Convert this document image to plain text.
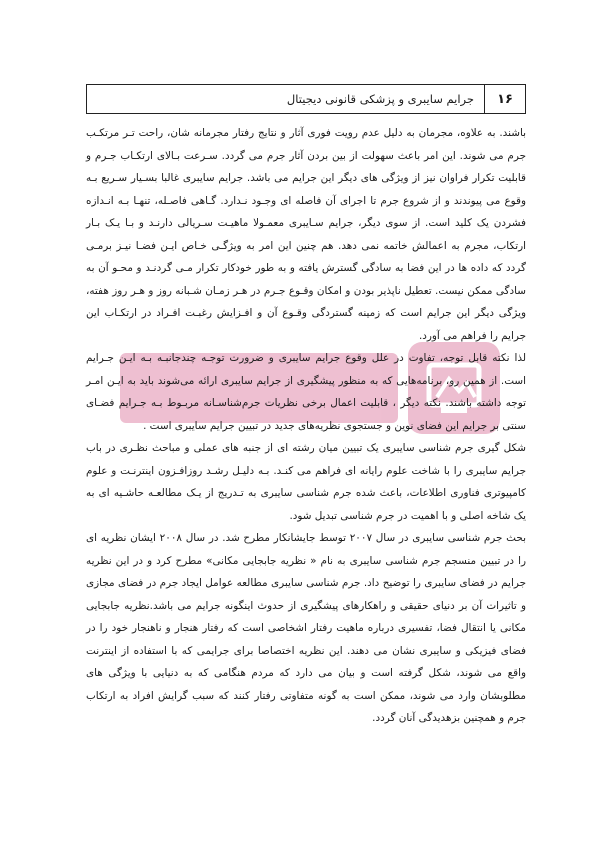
۱۶
جرایم سایبری و پزشکی قانونی دیجیتال

باشند. به علاوه، مجرمان به دلیل عدم رویت فوری آثار و نتایج رفتار مجرمانه شان، راحت تـر مرتکـب جرم می شوند. این امر باعث سهولت از بین بردن آثار جرم می گردد. سـرعت بـالای ارتکـاب جـرم و قابلیت تکرار فراوان نیز از ویژگی های دیگر این جرایم می باشد. جرایم سایبری غالبا بسـیار سـریع بـه وقوع می پیوندند و از شروع جرم تا اجرای آن فاصله ای وجـود نـدارد. گـاهی فاصـله، تنهـا بـه انـدازه فشردن یک کلید است. از سوی دیگر، جرایم سـایبری معمـولا ماهیـت سـریالی دارنـد و بـا یـک بـار ارتکاب، مجرم به اعمالش خاتمه نمی دهد. هم چنین این امر به ویژگـی خـاص ایـن فضـا نیـز برمـی گردد که داده ها در این فضا به سادگی گسترش یافته و به طور خودکار تکرار مـی گردنـد و محـو آن به سادگی ممکن نیست. تعطیل ناپذیر بودن و امکان وقـوع جـرم در هـر زمـان شـبانه روز و هـر روز هفته، ویژگی دیگر این جرایم است که زمینه گستردگی وقـوع آن و افـزایش رغبـت افـراد در ارتکـاب این جرایم را فراهم می آورد.

لذا نکته قابل توجه، تفاوت در علل وقوع جرایم سایبری و ضرورت توجـه چندجانبـه بـه ایـن جـرایم است. از همین رو، برنامه‌هایی که به منظور پیشگیری از جرایم سایبری ارائه می‌شوند باید به ایـن امـر توجه داشته باشند. نکته دیگر ، قابلیت اعمال برخی نظریات جرم‌شناسـانه مربـوط بـه جـرایم فضـای سنتی بر جرایم این فضای نوین و جستجوی نظریه‌های جدید در تبیین جرایم سایبری است .

شکل گیری جرم شناسی سایبری یک تبیین میان رشته ای از جنبه های عملی و مباحث نظـری در باب جرایم سایبری را با شاخت علوم رایانه ای فراهم می کنـد. بـه دلیـل رشـد روزافـزون اینترنـت و علوم کامپیوتری فناوری اطلاعات، باعث شده جرم شناسی سایبری به تـدریج از یـک مطالعـه حاشـیه ای به یک شاخه اصلی و با اهمیت در جرم شناسی تبدیل شود.

بحث جرم شناسی سایبری در سال ۲۰۰۷ توسط جایشانکار مطرح شد. در سال ۲۰۰۸ ایشان نظریه ای را در تبیین منسجم جرم شناسی سایبری به نام « نظریه جابجایی مکانی» مطرح کرد و در این نظریه جرایم در فضای سایبری را توضیح داد. جرم شناسی سایبری مطالعه عوامل ایجاد جرم در فضای مجازی و تاثیرات آن بر دنیای حقیقی و راهکارهای پیشگیری از حدوث اینگونه جرایم می باشد.نظریه جابجایی مکانی یا انتقال فضا، تفسیری درباره ماهیت رفتار اشخاصی است که رفتار هنجار و ناهنجار خود را در فضای فیزیکی و سایبری نشان می دهند. این نظریه اختصاصا برای جرایمی که با استفاده از اینترنت واقع می شوند، شکل گرفته است و بیان می دارد که مردم هنگامی که به دنیایی با ویژگی های مطلوبشان وارد می شوند، ممکن است به گونه متفاوتی رفتار کنند که سبب گرایش افراد به ارتکاب جرم و همچنین بزهدیدگی آنان گردد.
